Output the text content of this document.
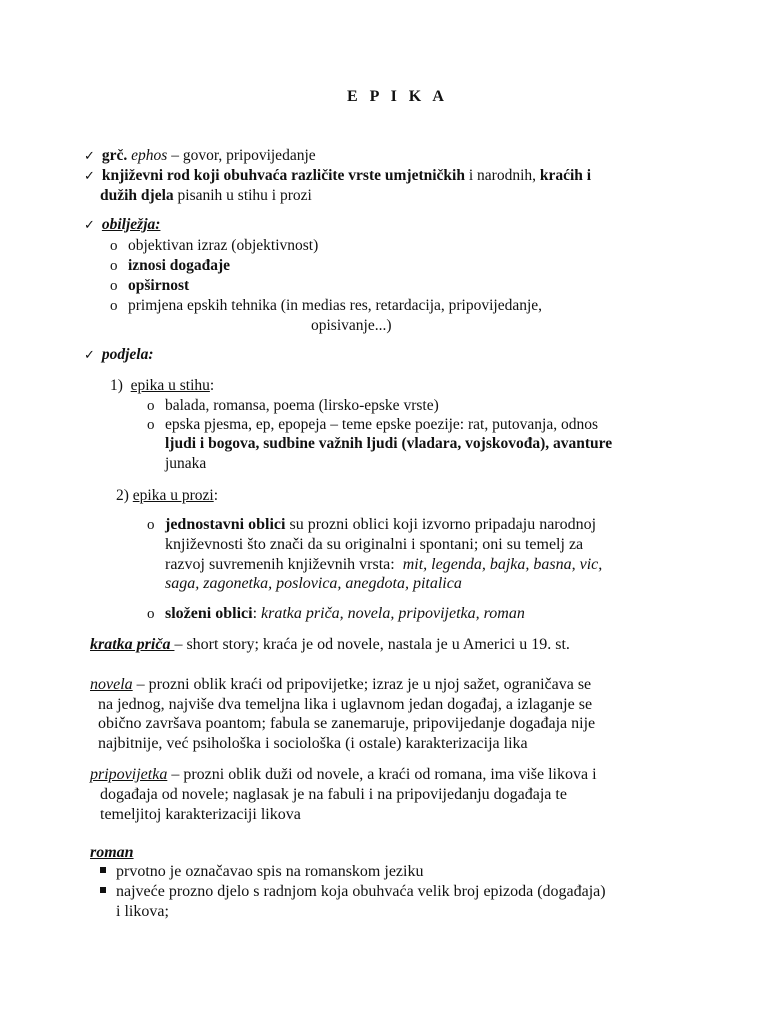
E P I K A
✓ grč. ephos – govor, pripovijedanje
✓ književni rod koji obuhvaća različite vrste umjetničkih i narodnih, kraćih i
dužih djela pisanih u stihu i prozi
✓ obilježja:
o objektivan izraz (objektivnost)
o iznosi događaje
o opširnost
o primjena epskih tehnika (in medias res, retardacija, pripovijedanje,
opisivanje...)
✓ podjela:
1) epika u stihu:
o balada, romansa, poema (lirsko-epske vrste)
o epska pjesma, ep, epopeja – teme epske poezije: rat, putovanja, odnos
ljudi i bogova, sudbine važnih ljudi (vladara, vojskovođa), avanture
junaka
2) epika u prozi:
o jednostavni oblici su prozni oblici koji izvorno pripadaju narodnoj
književnosti što znači da su originalni i spontani; oni su temelj za
razvoj suvremenih književnih vrsta: mit, legenda, bajka, basna, vic,
saga, zagonetka, poslovica, anegdota, pitalica
o složeni oblici: kratka priča, novela, pripovijetka, roman
kratka priča – short story; kraća je od novele, nastala je u Americi u 19. st.
novela – prozni oblik kraći od pripovijetke; izraz je u njoj sažet, ograničava se
na jednog, najviše dva temeljna lika i uglavnom jedan događaj, a izlaganje se
obično završava poantom; fabula se zanemaruje, pripovijedanje događaja nije
najbitnije, već psihološka i sociološka (i ostale) karakterizacija lika
pripovijetka – prozni oblik duži od novele, a kraći od romana, ima više likova i
događaja od novele; naglasak je na fabuli i na pripovijedanju događaja te
temeljitoj karakterizaciji likova
roman
prvotno je označavao spis na romanskom jeziku
najveće prozno djelo s radnjom koja obuhvaća velik broj epizoda (događaja)
i likova;
